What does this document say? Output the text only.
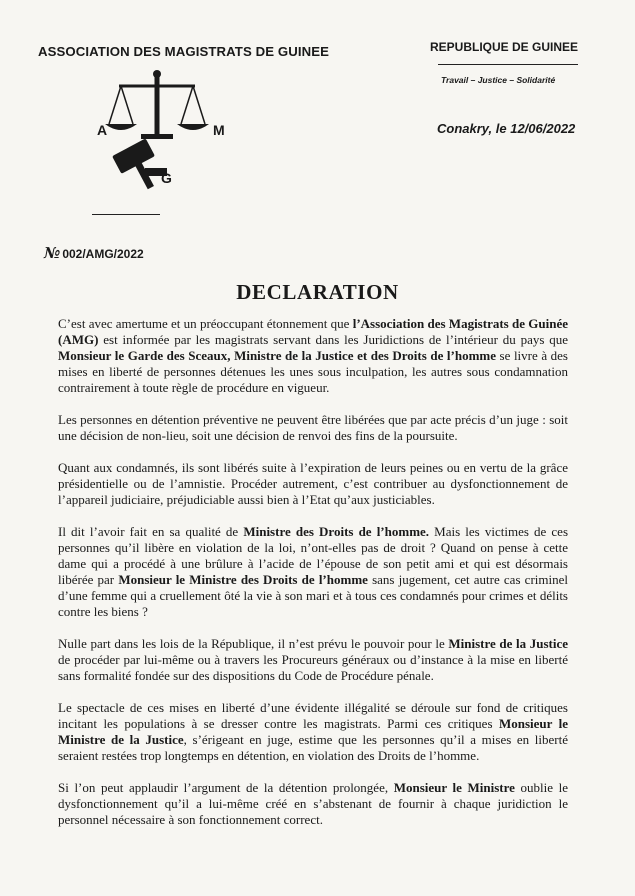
ASSOCIATION DES MAGISTRATS DE GUINEE	REPUBLIQUE DE GUINEE
Travail – Justice – Solidarité
Conakry, le 12/06/2022
A	M
G
№ 002/AMG/2022
DECLARATION

C’est avec amertume et un préoccupant étonnement que l’Association des Magistrats de Guinée (AMG) est informée par les magistrats servant dans les Juridictions de l’intérieur du pays que Monsieur le Garde des Sceaux, Ministre de la Justice et des Droits de l’homme se livre à des mises en liberté de personnes détenues les unes sous inculpation, les autres sous condamnation contrairement à toute règle de procédure en vigueur.

Les personnes en détention préventive ne peuvent être libérées que par acte précis d’un juge : soit une décision de non-lieu, soit une décision de renvoi des fins de la poursuite.

Quant aux condamnés, ils sont libérés suite à l’expiration de leurs peines ou en vertu de la grâce présidentielle ou de l’amnistie. Procéder autrement, c’est contribuer au dysfonctionnement de l’appareil judiciaire, préjudiciable aussi bien à l’Etat qu’aux justiciables.

Il dit l’avoir fait en sa qualité de Ministre des Droits de l’homme. Mais les victimes de ces personnes qu’il libère en violation de la loi, n’ont-elles pas de droit ? Quand on pense à cette dame qui a procédé à une brûlure à l’acide de l’épouse de son petit ami et qui est désormais libérée par Monsieur le Ministre des Droits de l’homme sans jugement, cet autre cas criminel d’une femme qui a cruellement ôté la vie à son mari et à tous ces condamnés pour crimes et délits contre les biens ?

Nulle part dans les lois de la République, il n’est prévu le pouvoir pour le Ministre de la Justice de procéder par lui-même ou à travers les Procureurs généraux ou d’instance à la mise en liberté sans formalité fondée sur des dispositions du Code de Procédure pénale.

Le spectacle de ces mises en liberté d’une évidente illégalité se déroule sur fond de critiques incitant les populations à se dresser contre les magistrats. Parmi ces critiques Monsieur le Ministre de la Justice, s’érigeant en juge, estime que les personnes qu’il a mises en liberté seraient restées trop longtemps en détention, en violation des Droits de l’homme.

Si l’on peut applaudir l’argument de la détention prolongée, Monsieur le Ministre oublie le dysfonctionnement qu’il a lui-même créé en s’abstenant de fournir à chaque juridiction le personnel nécessaire à son fonctionnement correct.
